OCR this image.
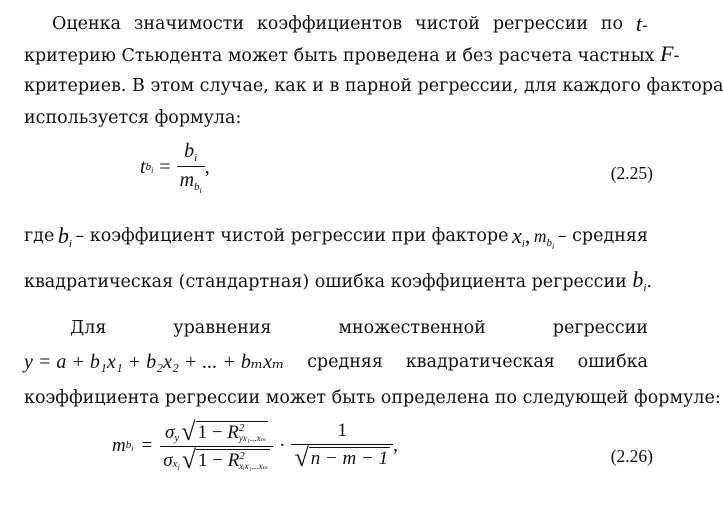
Оценка значимости коэффициентов чистой регрессии по t-
критерию Стьюдента может быть проведена и без расчета частных F-
критериев. В этом случае, как и в парной регрессии, для каждого фактора
используется формула:
t $b_i = \frac{b_i}{m_{b_i}}$ ,	(2.25)
где $b_i$ – коэффициент чистой регрессии при факторе $x_i$, $m_{b_i}$
– средняя
квадратическая (стандартная) ошибка коэффициента регрессии $b_i$.
Для	уравнения	множественной	регрессии
y = a + b₁x₁ + b₂x₂ + ... + bₘxₘ средняя квадратическая ошибка
коэффициента регрессии может быть определена по следующей формуле:
m $b_i = \sigma$ y √ 1 − R 2
yx₁...xₘ
σ $x_i$ √ 1 − R 2
xᵢx₁...xₘ · $\frac{1}{√ n - m - 1}$ ,	(2.26)
